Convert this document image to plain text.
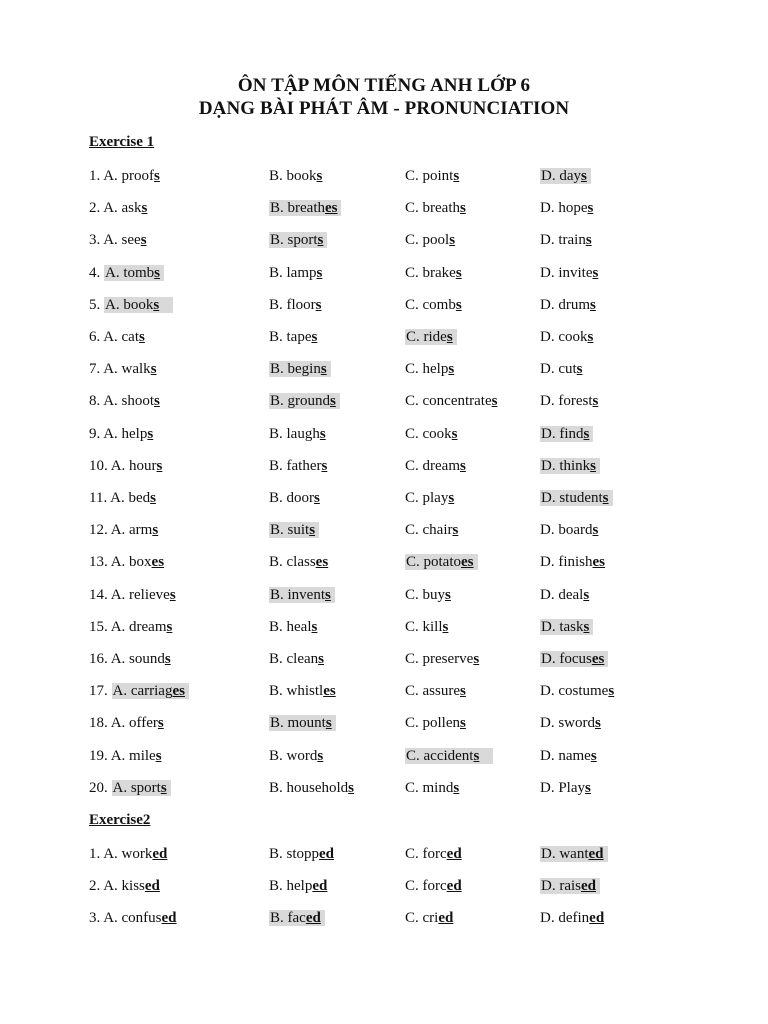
ÔN TẬP MÔN TIẾNG ANH LỚP 6
DẠNG BÀI PHÁT ÂM - PRONUNCIATION
Exercise 1
1. A. proofs	B. books	C. points	D. days
2. A. asks	B. breathes	C. breaths	D. hopes
3. A. sees	B. sports	C. pools	D. trains
4. A. tombs	B. lamps	C. brakes	D. invites
5. A. books	B. floors	C. combs	D. drums
6. A. cats	B. tapes	C. rides	D. cooks
7. A. walks	B. begins	C. helps	D. cuts
8. A. shoots	B. grounds	C. concentrates	D. forests
9. A. helps	B. laughs	C. cooks	D. finds
10. A. hours	B. fathers	C. dreams	D. thinks
11. A. beds	B. doors	C. plays	D. students
12. A. arms	B. suits	C. chairs	D. boards
13. A. boxes	B. classes	C. potatoes	D. finishes
14. A. relieves	B. invents	C. buys	D. deals
15. A. dreams	B. heals	C. kills	D. tasks
16. A. sounds	B. cleans	C. preserves	D. focuses
17. A. carriages	B. whistles	C. assures	D. costumes
18. A. offers	B. mounts	C. pollens	D. swords
19. A. miles	B. words	C. accidents	D. names
20. A. sports	B. households	C. minds	D. Plays
Exercise2
1. A. worked	B. stopped	C. forced	D. wanted
2. A. kissed	B. helped	C. forced	D. raised
3. A. confused	B. faced	C. cried	D. defined
